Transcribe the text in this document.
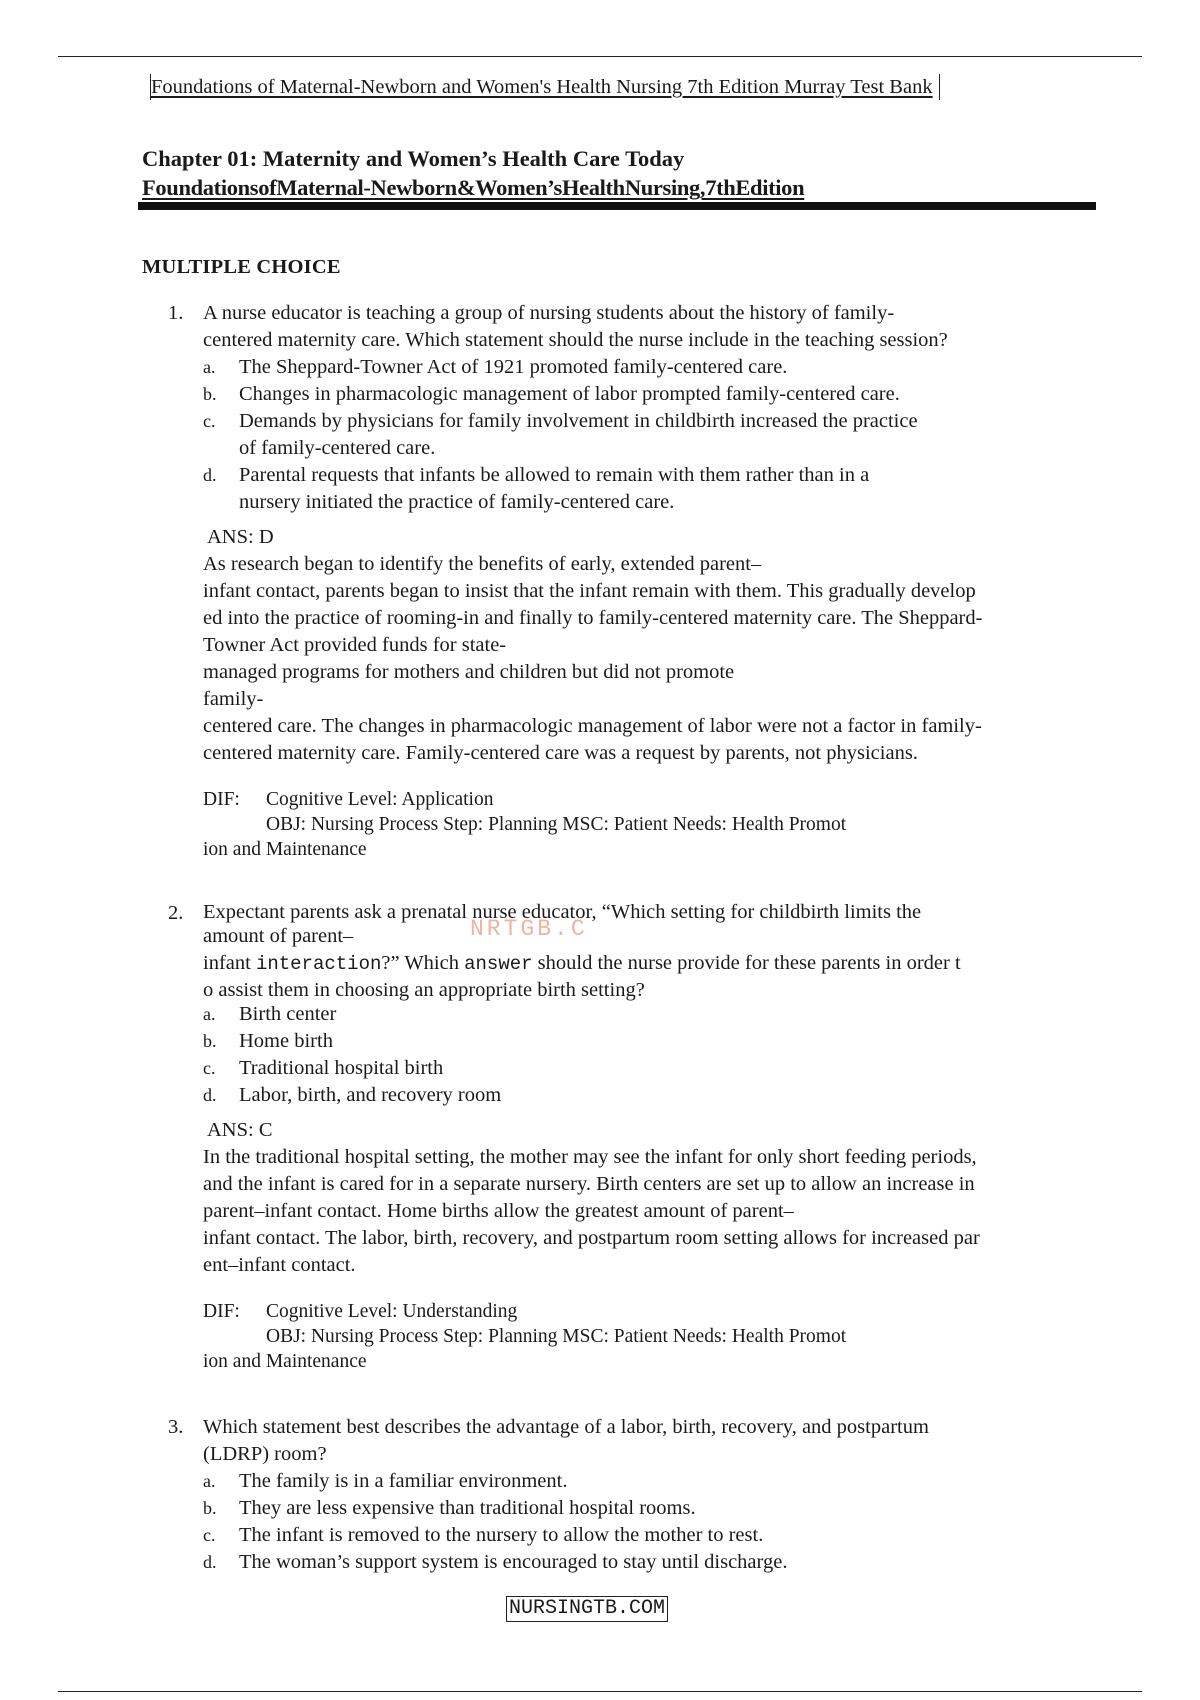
Foundations of Maternal-Newborn and Women's Health Nursing 7th Edition Murray Test Bank
Chapter 01: Maternity and Women’s Health Care Today
FoundationsofMaternal-Newborn&Women’sHealthNursing,7thEdition
MULTIPLE CHOICE
1. A nurse educator is teaching a group of nursing students about the history of family-
centered maternity care. Which statement should the nurse include in the teaching session?
a.	The Sheppard-Towner Act of 1921 promoted family-centered care.
b.	Changes in pharmacologic management of labor prompted family-centered care.
c.	Demands by physicians for family involvement in childbirth increased the practice
of family-centered care.
d.	Parental requests that infants be allowed to remain with them rather than in a
nursery initiated the practice of family-centered care.
ANS: D
As research began to identify the benefits of early, extended parent–
infant contact, parents began to insist that the infant remain with them. This gradually develop
ed into the practice of rooming-in and finally to family-centered maternity care. The Sheppard-
Towner Act provided funds for state-
managed programs for mothers and children but did not promote
family-
centered care. The changes in pharmacologic management of labor were not a factor in family-
centered maternity care. Family-centered care was a request by parents, not physicians.
DIF:	Cognitive Level: Application
OBJ: Nursing Process Step: Planning MSC: Patient Needs: Health Promot
ion and Maintenance
2. Expectant parents ask a prenatal nurse educator, “Which setting for childbirth limits the
amount of parent–
infant interaction?” Which answer should the nurse provide for these parents in order t
o assist them in choosing an appropriate birth setting?
a.	Birth center
b.	Home birth
c.	Traditional hospital birth
d.	Labor, birth, and recovery room
ANS: C
In the traditional hospital setting, the mother may see the infant for only short feeding periods,
and the infant is cared for in a separate nursery. Birth centers are set up to allow an increase in
parent–infant contact. Home births allow the greatest amount of parent–
infant contact. The labor, birth, recovery, and postpartum room setting allows for increased par
ent–infant contact.
DIF:	Cognitive Level: Understanding
OBJ: Nursing Process Step: Planning MSC: Patient Needs: Health Promot
ion and Maintenance
NRTGB.C
3. Which statement best describes the advantage of a labor, birth, recovery, and postpartum
(LDRP) room?
a.	The family is in a familiar environment.
b.	They are less expensive than traditional hospital rooms.
c.	The infant is removed to the nursery to allow the mother to rest.
d.	The woman’s support system is encouraged to stay until discharge.
NURSINGTB.COM
